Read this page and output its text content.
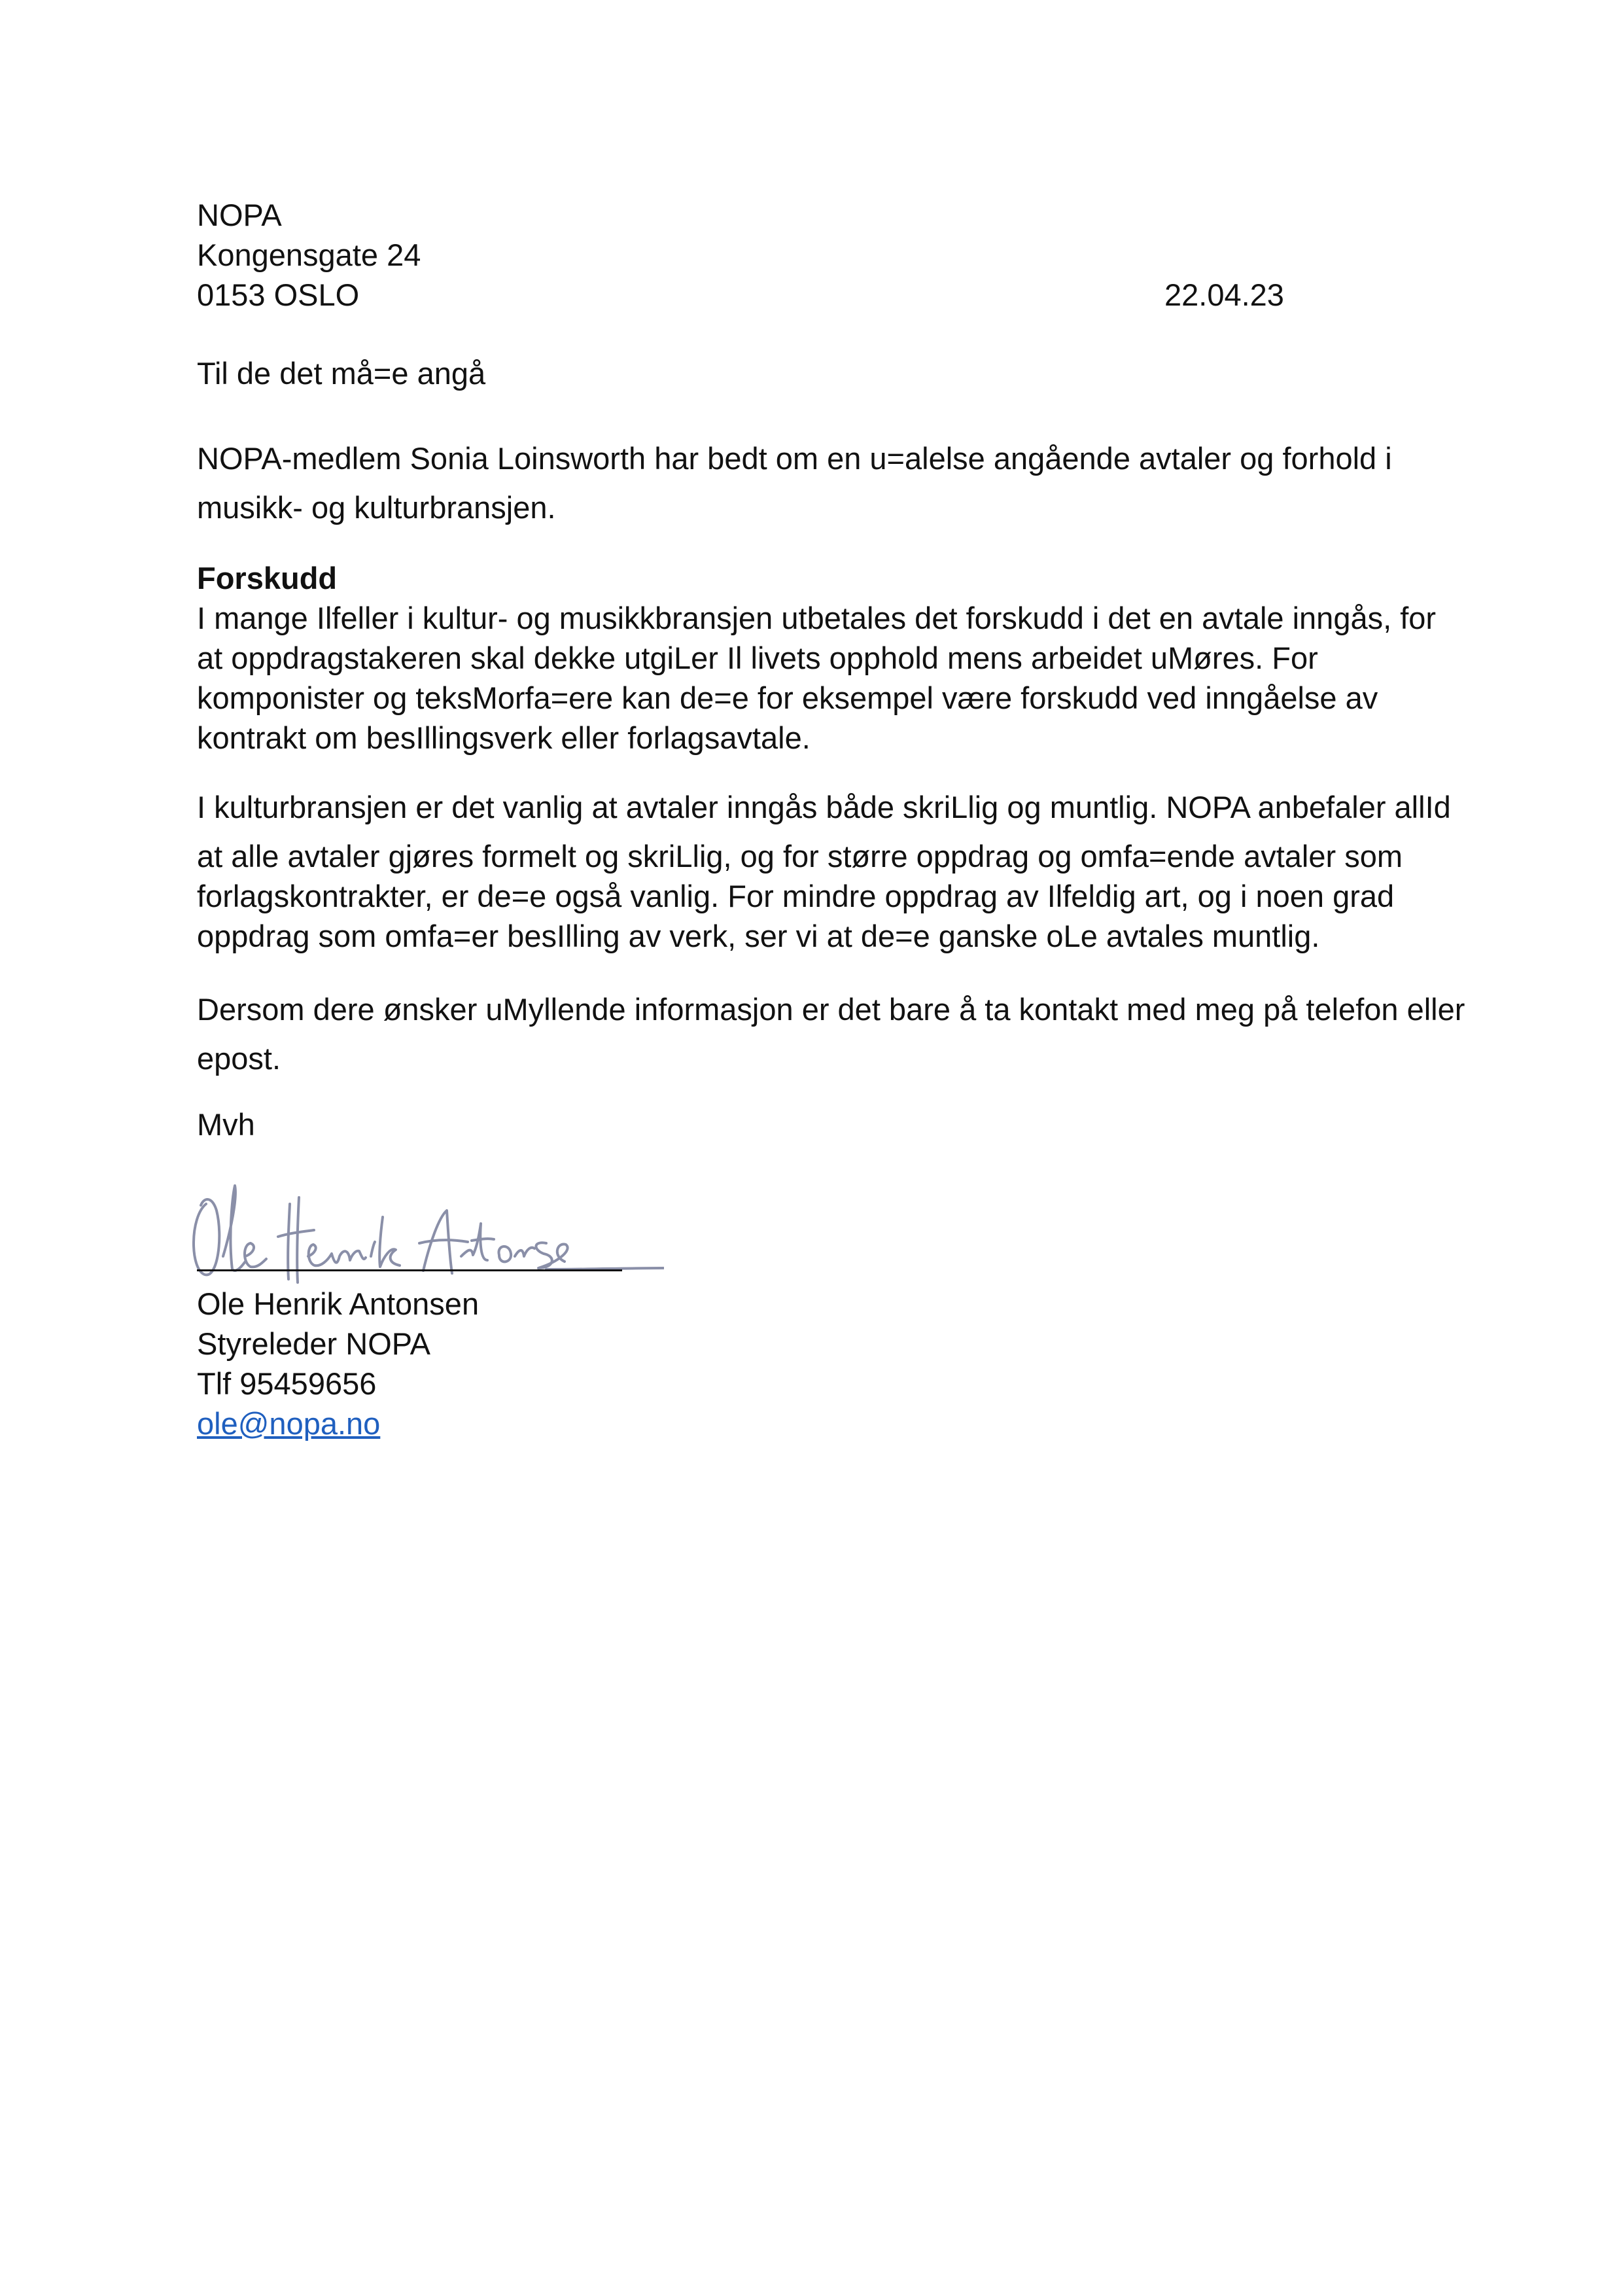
NOPA
Kongensgate 24
0153 OSLO	22.04.23
Til de det må=e angå
NOPA-medlem Sonia Loinsworth har bedt om en u=alelse angående avtaler og forhold i
musikk- og kulturbransjen.
Forskudd
I mange Ilfeller i kultur- og musikkbransjen utbetales det forskudd i det en avtale inngås, for
at oppdragstakeren skal dekke utgiLer Il livets opphold mens arbeidet uMøres. For
komponister og teksMorfa=ere kan de=e for eksempel være forskudd ved inngåelse av
kontrakt om besIllingsverk eller forlagsavtale.
I kulturbransjen er det vanlig at avtaler inngås både skriLlig og muntlig. NOPA anbefaler allId
at alle avtaler gjøres formelt og skriLlig, og for større oppdrag og omfa=ende avtaler som
forlagskontrakter, er de=e også vanlig. For mindre oppdrag av Ilfeldig art, og i noen grad
oppdrag som omfa=er besIlling av verk, ser vi at de=e ganske oLe avtales muntlig.
Dersom dere ønsker uMyllende informasjon er det bare å ta kontakt med meg på telefon eller
epost.
Mvh
Ole Henrik Antonsen
Styreleder NOPA
Tlf 95459656
ole@nopa.no
